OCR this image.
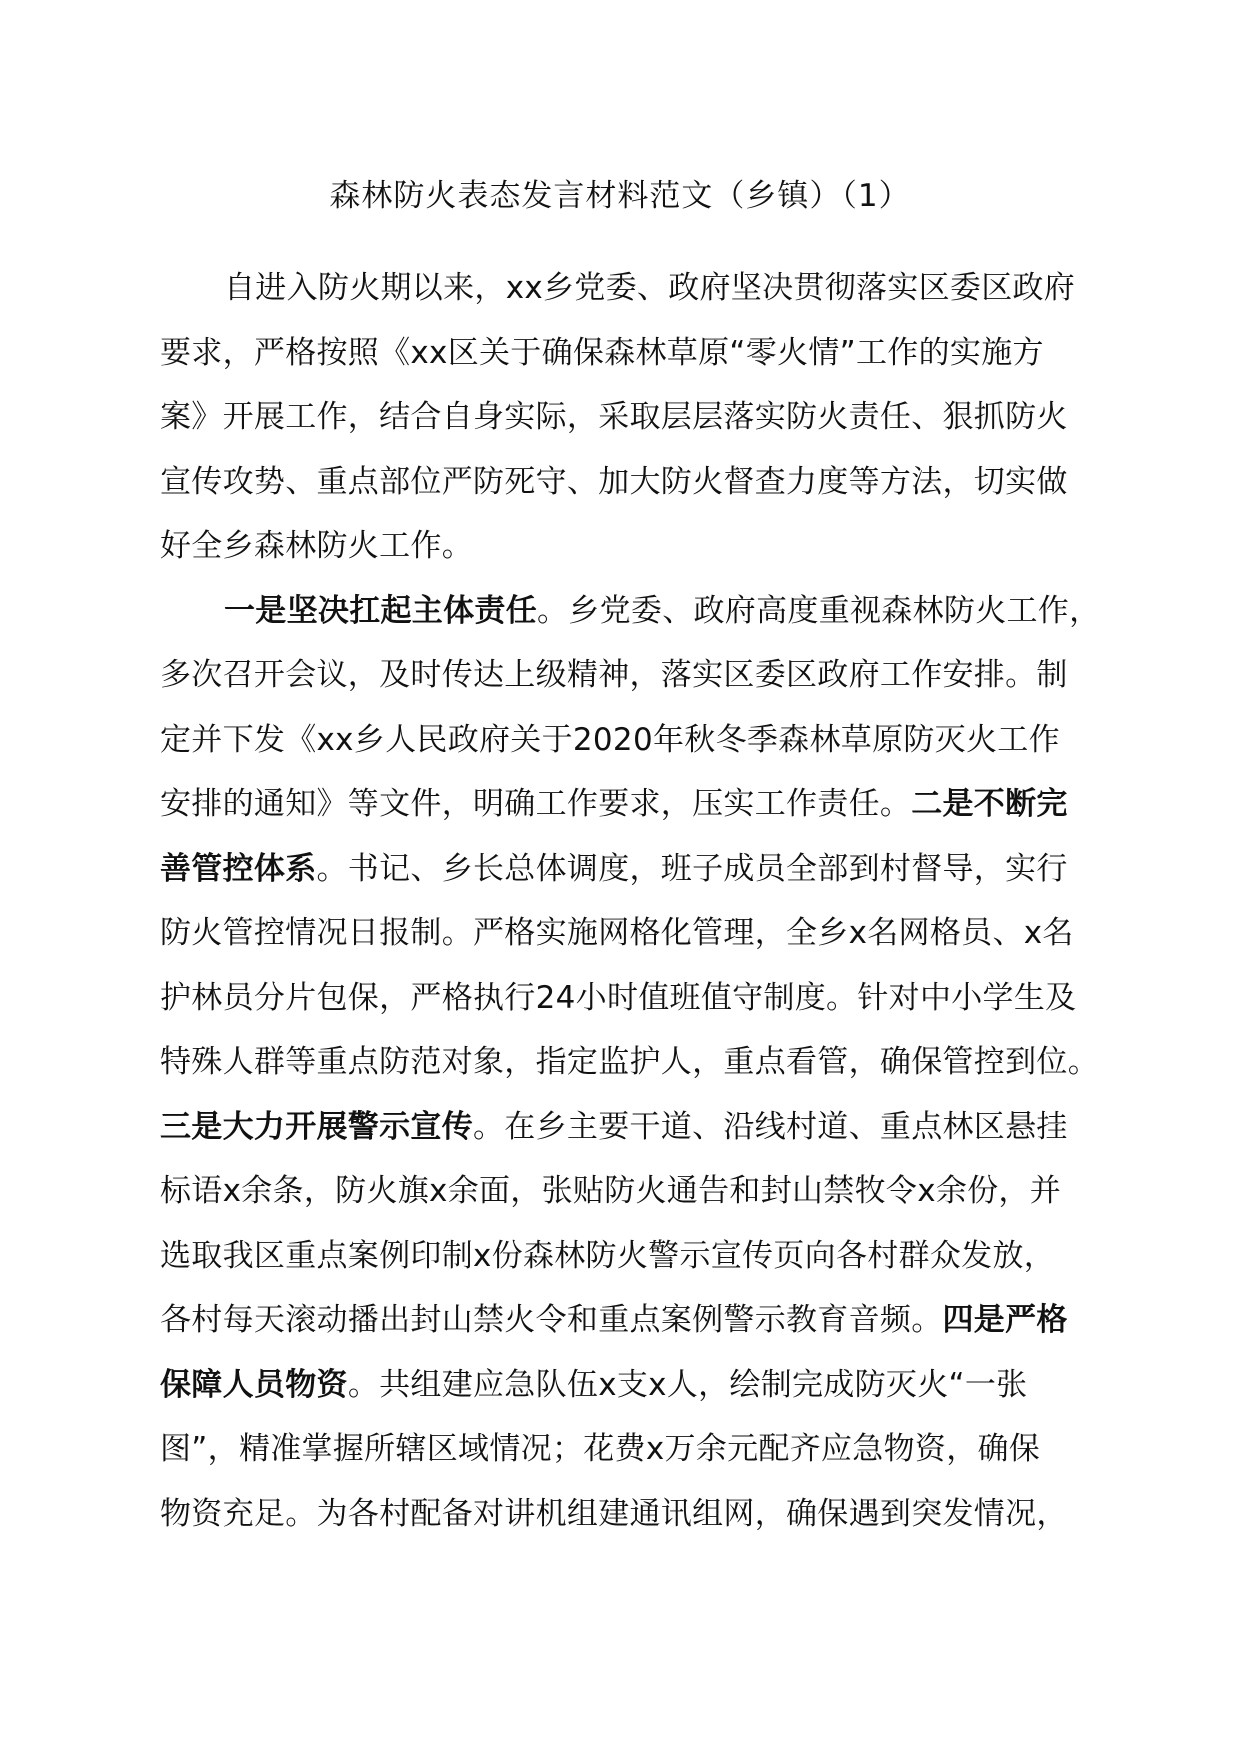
森林防火表态发言材料范文（乡镇）（1）
自进入防火期以来，xx乡党委、政府坚决贯彻落实区委区政府
要求，严格按照《xx区关于确保森林草原“零火情”工作的实施方
案》开展工作，结合自身实际，采取层层落实防火责任、狠抓防火
宣传攻势、重点部位严防死守、加大防火督查力度等方法，切实做
好全乡森林防火工作。
一是坚决扛起主体责任。乡党委、政府高度重视森林防火工作，
多次召开会议，及时传达上级精神，落实区委区政府工作安排。制
定并下发《xx乡人民政府关于2020年秋冬季森林草原防灭火工作
安排的通知》等文件，明确工作要求，压实工作责任。二是不断完
善管控体系。书记、乡长总体调度，班子成员全部到村督导，实行
防火管控情况日报制。严格实施网格化管理，全乡x名网格员、x名
护林员分片包保，严格执行24小时值班值守制度。针对中小学生及
特殊人群等重点防范对象，指定监护人，重点看管，确保管控到位。
三是大力开展警示宣传。在乡主要干道、沿线村道、重点林区悬挂
标语x余条，防火旗x余面，张贴防火通告和封山禁牧令x余份，并
选取我区重点案例印制x份森林防火警示宣传页向各村群众发放，
各村每天滚动播出封山禁火令和重点案例警示教育音频。四是严格
保障人员物资。共组建应急队伍x支x人，绘制完成防灭火“一张
图”，精准掌握所辖区域情况；花费x万余元配齐应急物资，确保
物资充足。为各村配备对讲机组建通讯组网，确保遇到突发情况，
